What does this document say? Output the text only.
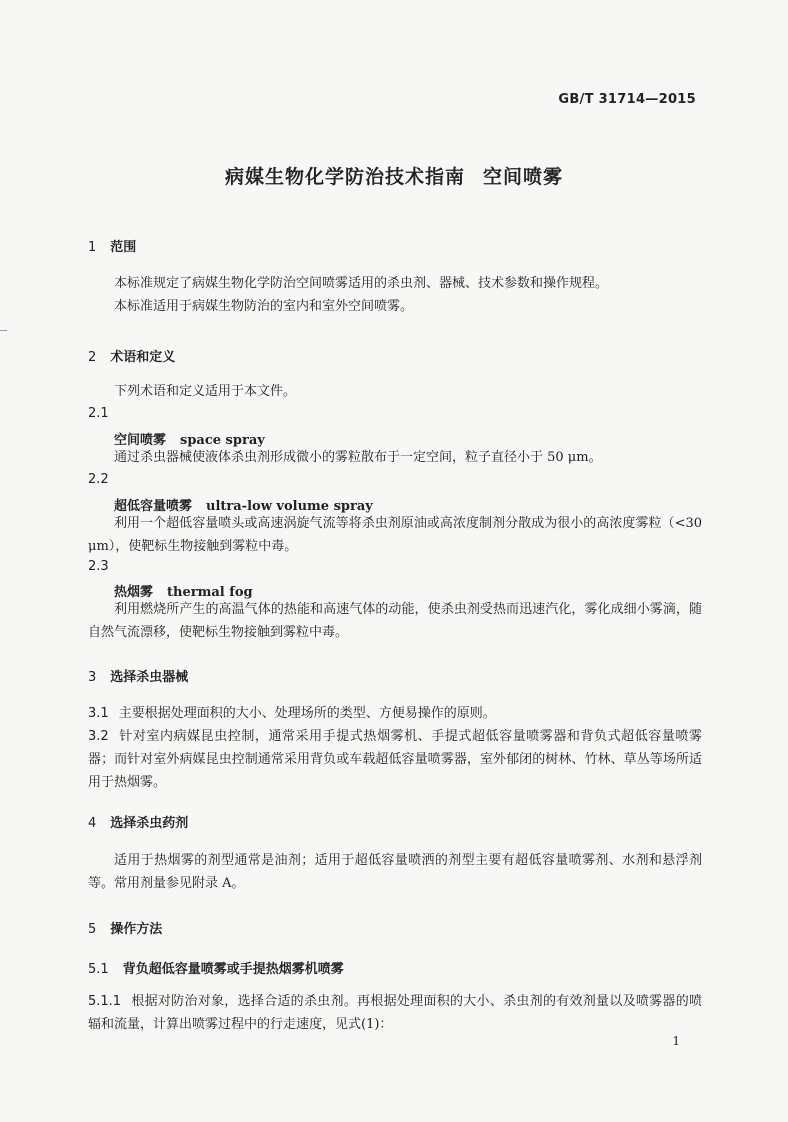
GB/T 31714—2015
病媒生物化学防治技术指南 空间喷雾
1 范围
本标准规定了病媒生物化学防治空间喷雾适用的杀虫剂、器械、技术参数和操作规程。
本标准适用于病媒生物防治的室内和室外空间喷雾。
2 术语和定义
下列术语和定义适用于本文件。
2.1
空间喷雾 space spray
通过杀虫器械使液体杀虫剂形成微小的雾粒散布于一定空间，粒子直径小于 50 μm。
2.2
超低容量喷雾 ultra-low volume spray
利用一个超低容量喷头或高速涡旋气流等将杀虫剂原油或高浓度制剂分散成为很小的高浓度雾粒（<30 μm），使靶标生物接触到雾粒中毒。
2.3
热烟雾 thermal fog
利用燃烧所产生的高温气体的热能和高速气体的动能，使杀虫剂受热而迅速汽化，雾化成细小雾滴，随自然气流漂移，使靶标生物接触到雾粒中毒。
3 选择杀虫器械
3.1 主要根据处理面积的大小、处理场所的类型、方便易操作的原则。
3.2 针对室内病媒昆虫控制，通常采用手提式热烟雾机、手提式超低容量喷雾器和背负式超低容量喷雾器；而针对室外病媒昆虫控制通常采用背负或车载超低容量喷雾器，室外郁闭的树林、竹林、草丛等场所适用于热烟雾。
4 选择杀虫药剂
适用于热烟雾的剂型通常是油剂；适用于超低容量喷洒的剂型主要有超低容量喷雾剂、水剂和悬浮剂等。常用剂量参见附录 A。
5 操作方法
5.1 背负超低容量喷雾或手提热烟雾机喷雾
5.1.1 根据对防治对象，选择合适的杀虫剂。再根据处理面积的大小、杀虫剂的有效剂量以及喷雾器的喷辐和流量，计算出喷雾过程中的行走速度，见式(1)：
1
